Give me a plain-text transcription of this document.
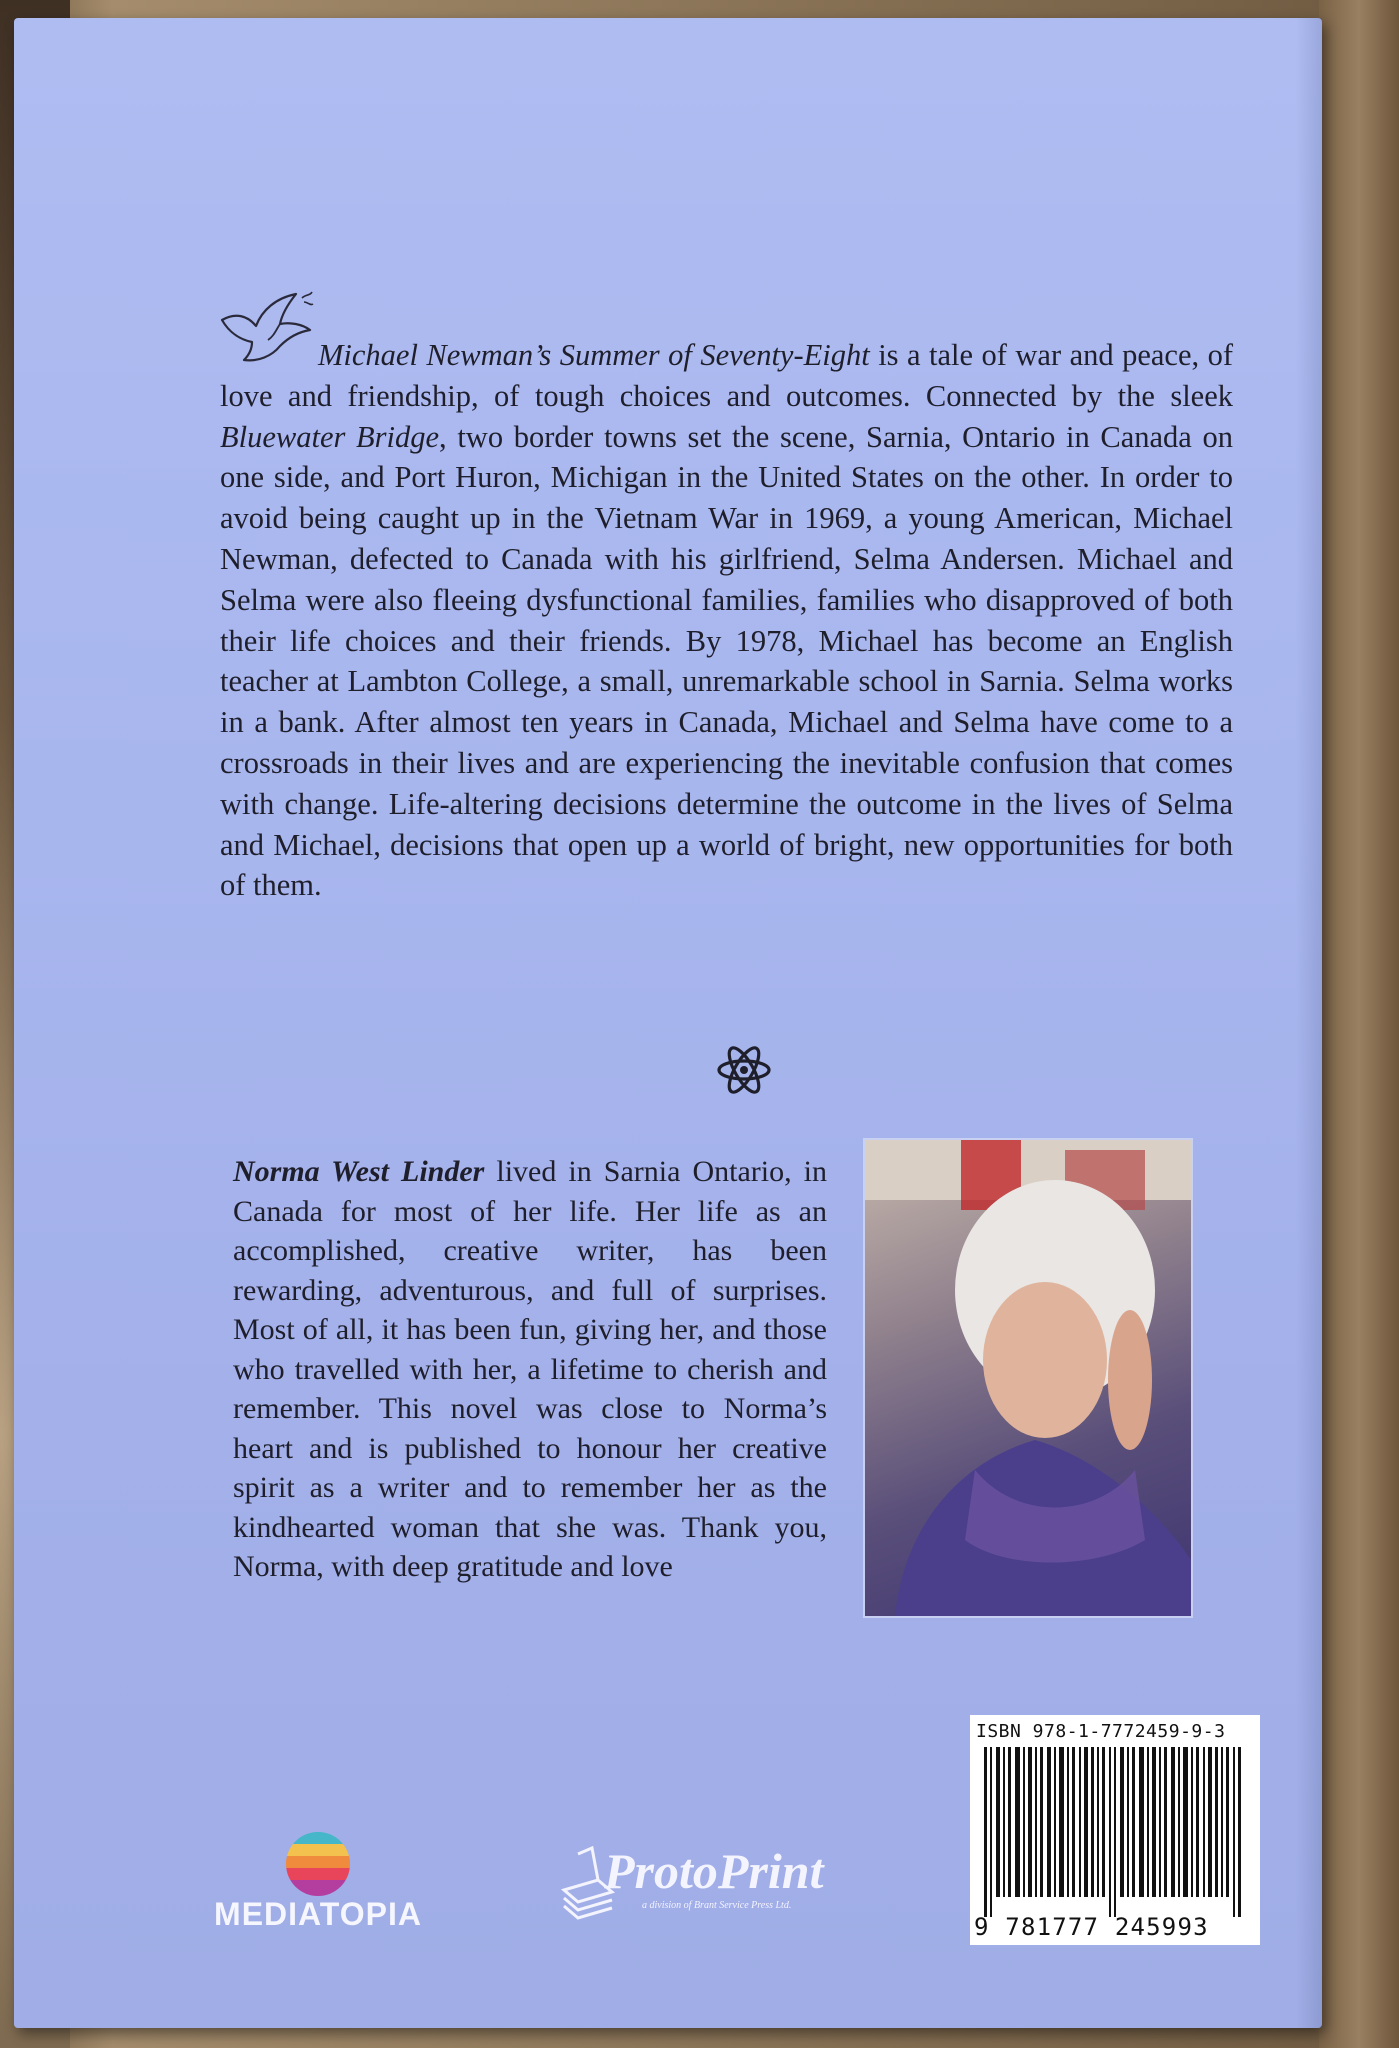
Michael Newman’s Summer of Seventy-Eight is a tale of war and peace, of love and friendship, of tough choices and outcomes. Connected by the sleek Bluewater Bridge, two border towns set the scene, Sarnia, Ontario in Canada on one side, and Port Huron, Michigan in the United States on the other. In order to avoid being caught up in the Vietnam War in 1969, a young American, Michael Newman, defected to Canada with his girlfriend, Selma Andersen. Michael and Selma were also fleeing dysfunctional families, families who disapproved of both their life choices and their friends. By 1978, Michael has become an English teacher at Lambton College, a small, unremarkable school in Sarnia. Selma works in a bank. After almost ten years in Canada, Michael and Selma have come to a crossroads in their lives and are experiencing the inevitable confusion that comes with change. Life-altering decisions determine the outcome in the lives of Selma and Michael, decisions that open up a world of bright, new opportunities for both of them.

Norma West Linder lived in Sarnia Ontario, in Canada for most of her life. Her life as an accomplished, creative writer, has been rewarding, adventurous, and full of surprises. Most of all, it has been fun, giving her, and those who travelled with her, a lifetime to cherish and remember. This novel was close to Norma’s heart and is published to honour her creative spirit as a writer and to remember her as the kindhearted woman that she was. Thank you, Norma, with deep gratitude and love

ISBN 978-1-7772459-9-3
9 781777 245993
MEDIATOPIA
ProtoPrint
a division of Brant Service Press Ltd.
